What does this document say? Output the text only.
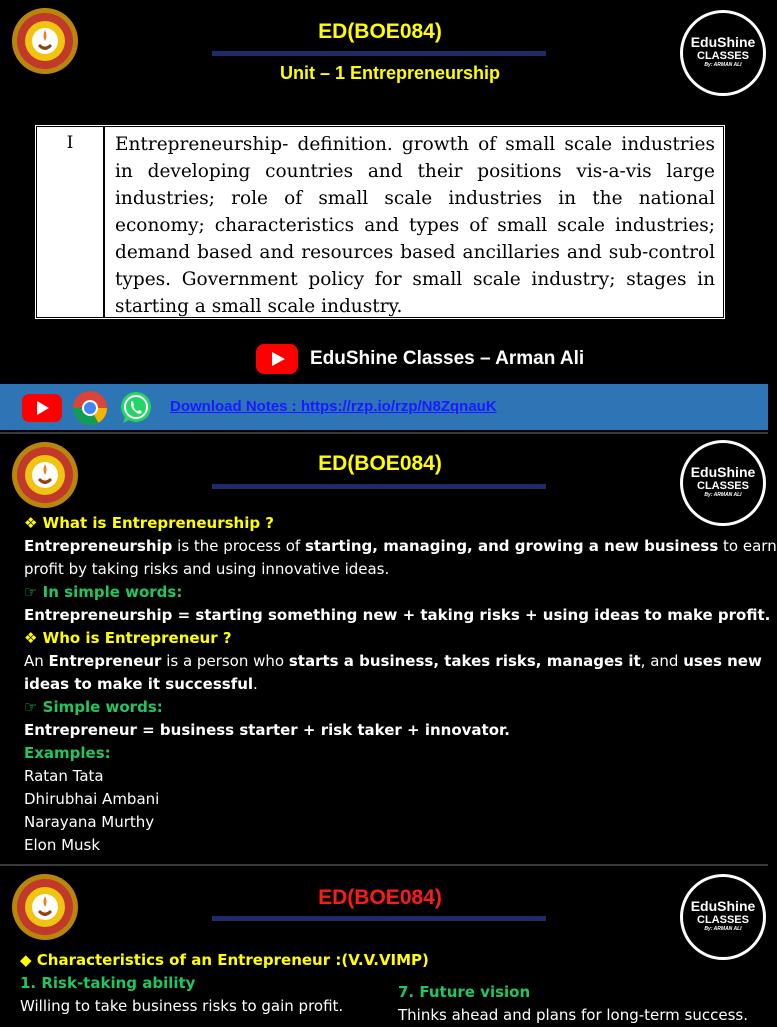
ED(BOE084)
Unit – 1 Entrepreneurship
EduShine
CLASSES
By: ARMAN ALI
I	Entrepreneurship- definition. growth of small scale industries in developing countries and their positions vis-a-vis large industries; role of small scale industries in the national economy; characteristics and types of small scale industries; demand based and resources based ancillaries and sub-control types. Government policy for small scale industry; stages in starting a small scale industry.
EduShine Classes – Arman Ali
Download Notes : https://rzp.io/rzp/N8ZqnauK
ED(BOE084)	EduShine
CLASSES
By: ARMAN ALI
❖ What is Entrepreneurship ?
Entrepreneurship is the process of starting, managing, and growing a new business to earn
profit by taking risks and using innovative ideas.
☞ In simple words:
Entrepreneurship = starting something new + taking risks + using ideas to make profit.
❖ Who is Entrepreneur ?
An Entrepreneur is a person who starts a business, takes risks, manages it, and uses new
ideas to make it successful.
☞ Simple words:
Entrepreneur = business starter + risk taker + innovator.
Examples:
Ratan Tata
Dhirubhai Ambani
Narayana Murthy
Elon Musk
ED(BOE084)	EduShine
CLASSES
By: ARMAN ALI
◆ Characteristics of an Entrepreneur :(V.V.VIMP)
1. Risk-taking ability
Willing to take business risks to gain profit.
7. Future vision
Thinks ahead and plans for long-term success.
